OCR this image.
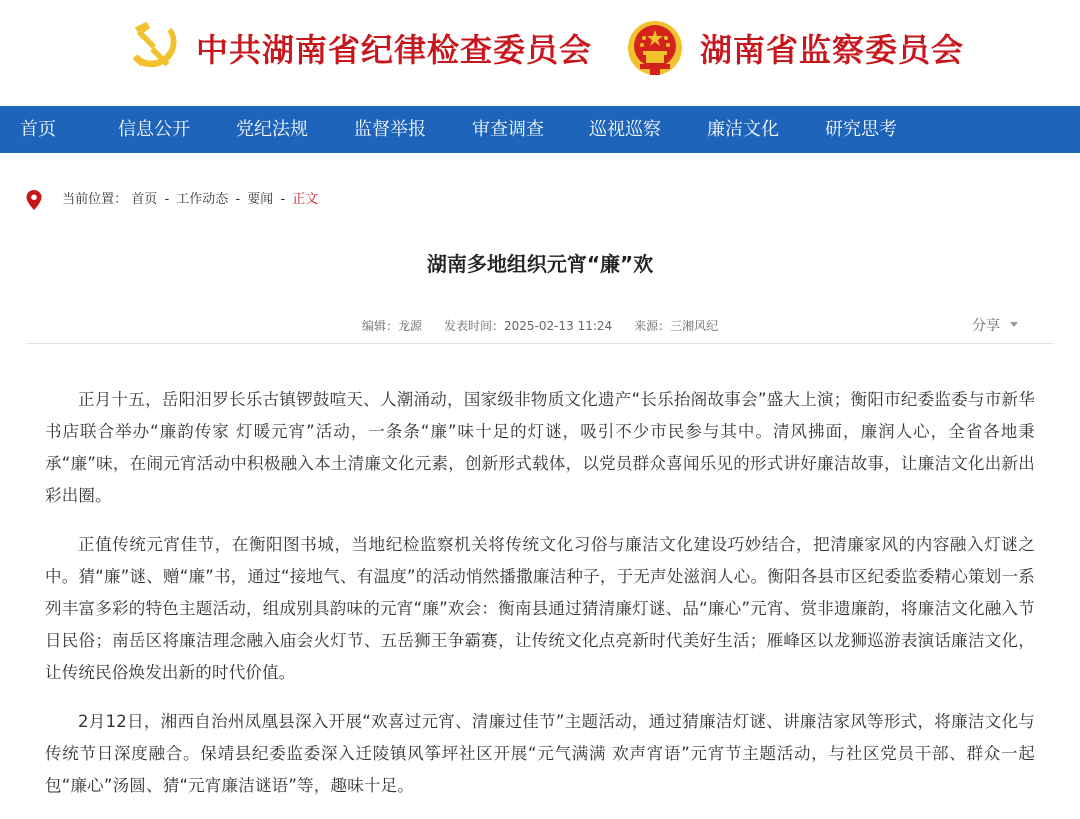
中共湖南省纪律检查委员会	湖南省监察委员会
首页	信息公开	党纪法规	监督举报	审查调查	巡视巡察	廉洁文化	研究思考
当前位置： 首页 - 工作动态 - 要闻 - 正文
湖南多地组织元宵“廉”欢
编辑：龙源 发表时间：2025-02-13 11:24 来源：三湘风纪	分享

正月十五，岳阳汨罗长乐古镇锣鼓喧天、人潮涌动，国家级非物质文化遗产“长乐抬阁故事会”盛大上演；衡阳市纪委监委与市新华书店联合举办“廉韵传家 灯暖元宵”活动，一条条“廉”味十足的灯谜，吸引不少市民参与其中。清风拂面，廉润人心，全省各地秉承“廉”味，在闹元宵活动中积极融入本土清廉文化元素，创新形式载体，以党员群众喜闻乐见的形式讲好廉洁故事，让廉洁文化出新出彩出圈。

正值传统元宵佳节，在衡阳图书城，当地纪检监察机关将传统文化习俗与廉洁文化建设巧妙结合，把清廉家风的内容融入灯谜之中。猜“廉”谜、赠“廉”书，通过“接地气、有温度”的活动悄然播撒廉洁种子，于无声处滋润人心。衡阳各县市区纪委监委精心策划一系列丰富多彩的特色主题活动，组成别具韵味的元宵“廉”欢会：衡南县通过猜清廉灯谜、品“廉心”元宵、赏非遗廉韵，将廉洁文化融入节日民俗；南岳区将廉洁理念融入庙会火灯节、五岳狮王争霸赛，让传统文化点亮新时代美好生活；雁峰区以龙狮巡游表演话廉洁文化，让传统民俗焕发出新的时代价值。

2月12日，湘西自治州凤凰县深入开展“欢喜过元宵、清廉过佳节”主题活动，通过猜廉洁灯谜、讲廉洁家风等形式，将廉洁文化与传统节日深度融合。保靖县纪委监委深入迁陵镇风筝坪社区开展“元气满满 欢声宵语”元宵节主题活动，与社区党员干部、群众一起包“廉心”汤圆、猜“元宵廉洁谜语”等，趣味十足。
